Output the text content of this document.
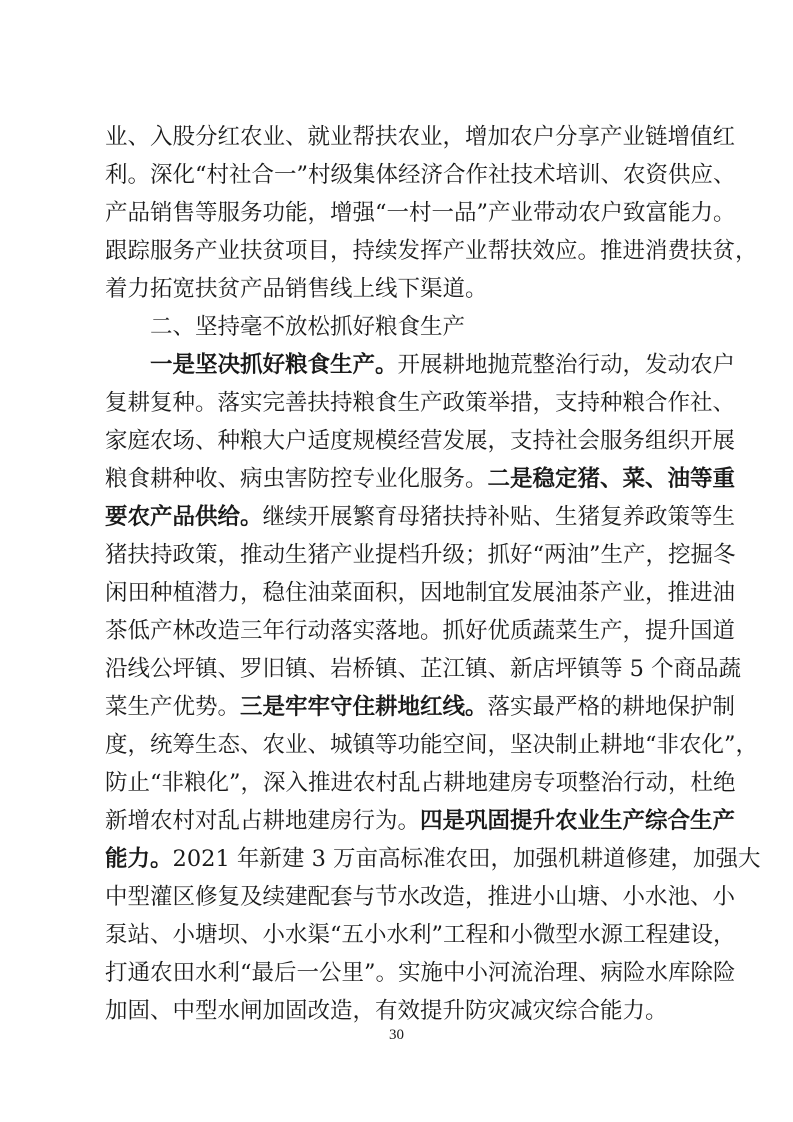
业、入股分红农业、就业帮扶农业，增加农户分享产业链增值红
利。深化“村社合一”村级集体经济合作社技术培训、农资供应、
产品销售等服务功能，增强“一村一品”产业带动农户致富能力。
跟踪服务产业扶贫项目，持续发挥产业帮扶效应。推进消费扶贫，
着力拓宽扶贫产品销售线上线下渠道。
二、坚持毫不放松抓好粮食生产
一是坚决抓好粮食生产。开展耕地抛荒整治行动，发动农户
复耕复种。落实完善扶持粮食生产政策举措，支持种粮合作社、
家庭农场、种粮大户适度规模经营发展，支持社会服务组织开展
粮食耕种收、病虫害防控专业化服务。二是稳定猪、菜、油等重
要农产品供给。继续开展繁育母猪扶持补贴、生猪复养政策等生
猪扶持政策，推动生猪产业提档升级；抓好“两油”生产，挖掘冬
闲田种植潜力，稳住油菜面积，因地制宜发展油茶产业，推进油
茶低产林改造三年行动落实落地。抓好优质蔬菜生产，提升国道
沿线公坪镇、罗旧镇、岩桥镇、芷江镇、新店坪镇等 5 个商品蔬
菜生产优势。三是牢牢守住耕地红线。落实最严格的耕地保护制
度，统筹生态、农业、城镇等功能空间，坚决制止耕地“非农化”，
防止“非粮化”，深入推进农村乱占耕地建房专项整治行动，杜绝
新增农村对乱占耕地建房行为。四是巩固提升农业生产综合生产
能力。2021 年新建 3 万亩高标准农田，加强机耕道修建，加强大
中型灌区修复及续建配套与节水改造，推进小山塘、小水池、小
泵站、小塘坝、小水渠“五小水利”工程和小微型水源工程建设，
打通农田水利“最后一公里”。实施中小河流治理、病险水库除险
加固、中型水闸加固改造，有效提升防灾减灾综合能力。
30
